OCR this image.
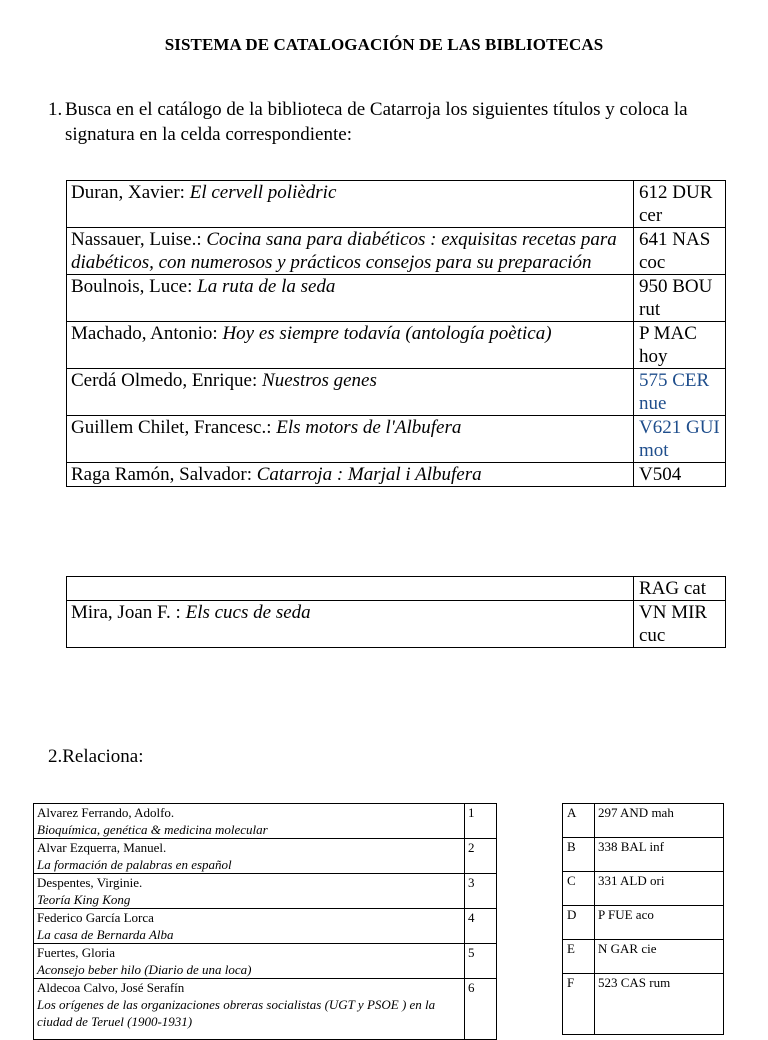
SISTEMA DE CATALOGACIÓN DE LAS BIBLIOTECAS
1. Busca en el catálogo de la biblioteca de Catarroja los siguientes títulos y coloca la signatura en la celda correspondiente:
Duran, Xavier: El cervell polièdric	612 DUR cer
Nassauer, Luise.: Cocina sana para diabéticos : exquisitas recetas para diabéticos, con numerosos y prácticos consejos para su preparación	641 NAS coc
Boulnois, Luce: La ruta de la seda	950 BOU rut
Machado, Antonio: Hoy es siempre todavía (antología poètica)	P MAC hoy
Cerdá Olmedo, Enrique: Nuestros genes	575 CER nue
Guillem Chilet, Francesc.: Els motors de l'Albufera	V621 GUI mot
Raga Ramón, Salvador: Catarroja : Marjal i Albufera	V504
	RAG cat
Mira, Joan F. : Els cucs de seda	VN MIR cuc
2.Relaciona:
Alvarez Ferrando, Adolfo.
Bioquímica, genética & medicina molecular	1

Alvar Ezquerra, Manuel.
La formación de palabras en español	2

Despentes, Virginie.
Teoría King Kong	3

Federico García Lorca
La casa de Bernarda Alba	4

Fuertes, Gloria
Aconsejo beber hilo (Diario de una loca)	5

Aldecoa Calvo, José Serafín
Los orígenes de las organizaciones obreras socialistas (UGT y PSOE ) en la ciudad de Teruel (1900-1931)	6
A	297 AND mah
B	338 BAL inf
C	331 ALD ori
D	P FUE aco
E	N GAR cie
F	523 CAS rum
